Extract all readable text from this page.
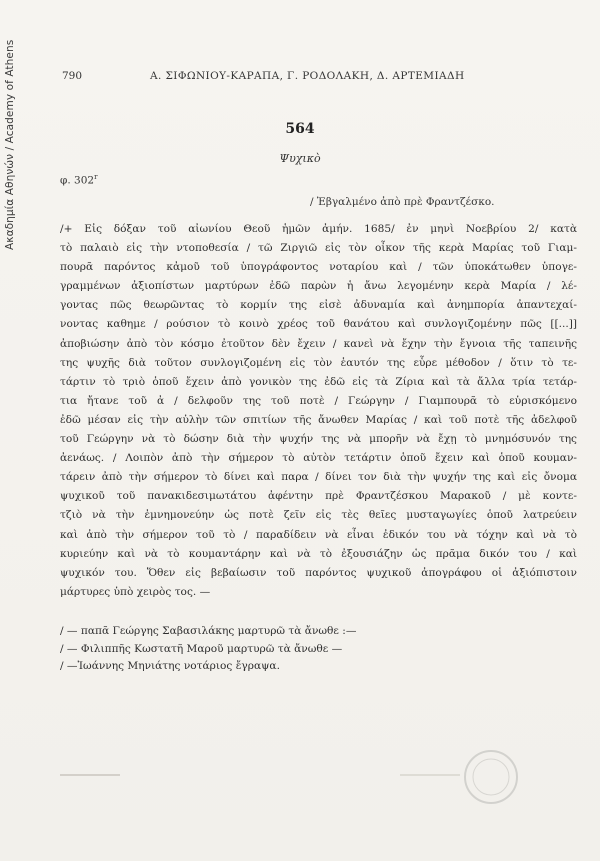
Ακαδημία Αθηνών / Academy of Athens	790	Α. ΣΙΦΩΝΙΟΥ-ΚΑΡΑΠΑ, Γ. ΡΟΔΟΛΑΚΗ, Δ. ΑΡΤΕΜΙΑΔΗ
564
Ψυχικὸ
φ. 302$^r$
/ Ἐβγαλμένο ἀπὸ πρὲ Φραντζέσκο.
/+ Εἰς δόξαν τοῦ αἰωνίου Θεοῦ ἡμῶν ἀμήν. 1685/ ἐν μηνὶ Νοεβρίου 2/ κατὰ
τὸ παλαιὸ εἰς τὴν ντοποθεσία / τῶ Ζιργιῶ εἰς τὸν οἶκον τῆς κερὰ Μαρίας τοῦ Γιαμ-
πουρᾶ παρόντος κἀμοῦ τοῦ ὑπογράφοντος νοταρίου καὶ / τῶν ὑποκάτωθεν ὑπογε-
γραμμένων ἀξιοπίστων μαρτύρων ἐδῶ παρὼν ἡ ἄνω λεγομένην κερὰ Μαρία / λέ-
γοντας πῶς θεωρῶντας τὸ κορμίν της εἰσὲ ἀδυναμία καὶ ἀνημπορία ἀπαντεχαί-
νοντας καθημε / ρούσιον τὸ κοινὸ χρέος τοῦ θανάτου καὶ συνλογιζομένην πῶς [[...]]
ἀποβιώσην ἀπὸ τὸν κόσμο ἐτοῦτον δὲν ἔχειν / κανεὶ νὰ ἔχην τὴν ἔγνοια τῆς ταπεινῆς
της ψυχῆς διὰ τοῦτον συνλογιζομένη εἰς τὸν ἑαυτόν της εὗρε μέθοδον / ὅτιν τὸ τε-
τάρτιν τὸ τριὸ ὁποῦ ἔχειν ἀπὸ γονικὸν της ἐδῶ εἰς τὰ Ζίρια καὶ τὰ ἄλλα τρία τετάρ-
τια ἤτανε τοῦ ἀ / δελφοῦν της τοῦ ποτὲ / Γεώργην / Γιαμπουρᾶ τὸ εὑρισκόμενο
ἐδῶ μέσαν εἰς τὴν αὐλὴν τῶν σπιτίων τῆς ἄνωθεν Μαρίας / καὶ τοῦ ποτὲ τῆς ἀδελφοῦ
τοῦ Γεώργην νὰ τὸ δώσην διὰ τὴν ψυχήν της νὰ μπορῆν νὰ ἔχῃ τὸ μνημόσυνόν της
ἀενάως. / Λοιπὸν ἀπὸ τὴν σήμερον τὸ αὐτὸν τετάρτιν ὁποῦ ἔχειν καὶ ὁποῦ κουμαν-
τάρειν ἀπὸ τὴν σήμερον τὸ δίνει καὶ παρα / δίνει τον διὰ τὴν ψυχήν της καὶ εἰς ὄνομα
ψυχικοῦ τοῦ πανακιδεσιμωτάτου ἀφέντην πρὲ Φραντζέσκου Μαρακοῦ / μὲ κοντε-
τζιὸ νὰ τὴν ἐμνημονεύην ὡς ποτὲ ζεῖν εἰς τὲς θεῖες μυσταγωγίες ὁποῦ λατρεύειν
καὶ ἀπὸ τὴν σήμερον τοῦ τὸ / παραδίδειν νὰ εἶναι ἐδικόν του νὰ τόχην καὶ νὰ τὸ
κυριεύην καὶ νὰ τὸ κουμαντάρην καὶ νὰ τὸ ἐξουσιάζην ὡς πρᾶμα δικόν του / καὶ
ψυχικόν του. Ὅθεν εἰς βεβαίωσιν τοῦ παρόντος ψυχικοῦ ἀπογράφου οἱ ἀξιόπιστοιν
μάρτυρες ὑπὸ χειρὸς τος. —
/ — παπᾶ Γεώργης Σαβασιλάκης μαρτυρῶ τὰ ἄνωθε :—
/ — Φιλιππῆς Κωστατῆ Μαροῦ μαρτυρῶ τὰ ἄνωθε —
/ —Ἰωάννης Μηνιάτης νοτάριος ἔγραψα.
